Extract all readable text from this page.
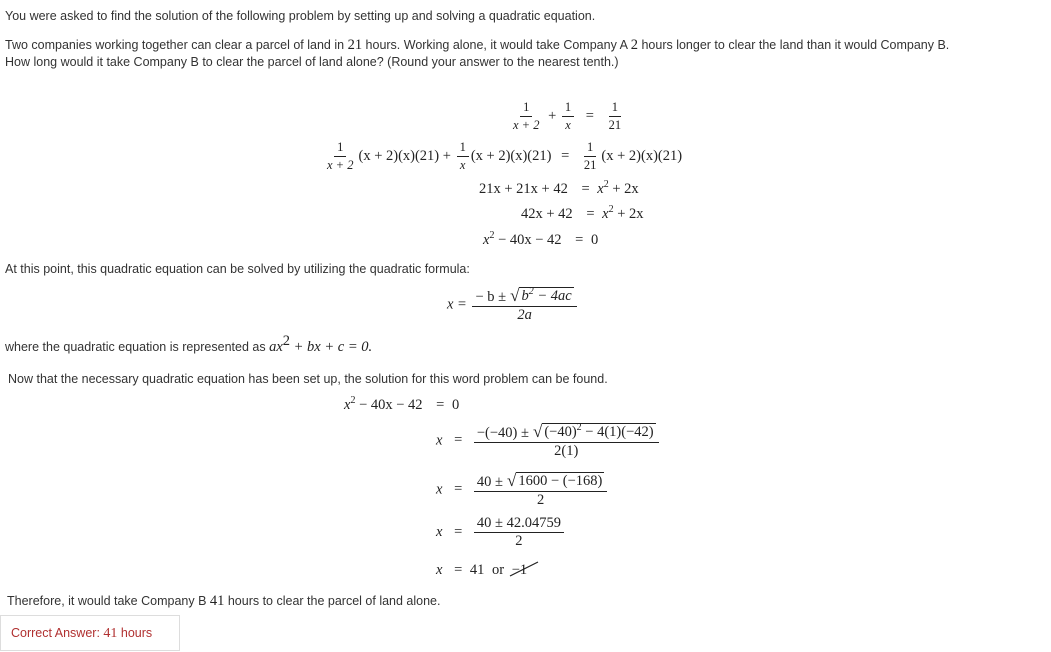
You were asked to find the solution of the following problem by setting up and solving a quadratic equation.
Two companies working together can clear a parcel of land in 21 hours. Working alone, it would take Company A 2 hours longer to clear the land than it would Company B.
How long would it take Company B to clear the parcel of land alone? (Round your answer to the nearest tenth.)
$\frac{1}{x + 2} + \frac{1}{x} = \frac{1}{21}$
$\frac{1}{x + 2} (x + 2)(x)(21) + \frac{1}{x} (x + 2)(x)(21) = \frac{1}{21} (x + 2)(x)(21)$
$21x + 21x + 42 = x^2 + 2x$
$42x + 42 = x^2 + 2x$
$x^2 - 40x - 42 = 0$
At this point, this quadratic equation can be solved by utilizing the quadratic formula:
$x = \frac{- b \pm √ b^2 - 4ac}{2a}$
where the quadratic equation is represented as $ax^2$ + bx + c = 0.
Now that the necessary quadratic equation has been set up, the solution for this word problem can be found.
$x^2 - 40x - 42 = 0$
$x = \frac{-(-40) \pm √ (-40)^2 - 4(1)(-42)}{2(1)}$
$x = \frac{40 \pm √ 1600 - (-168)}{2}$
$x = \frac{40 \pm 42.04759}{2}$
x = 41 or −1
Therefore, it would take Company B 41 hours to clear the parcel of land alone.
Correct Answer: 41 hours
